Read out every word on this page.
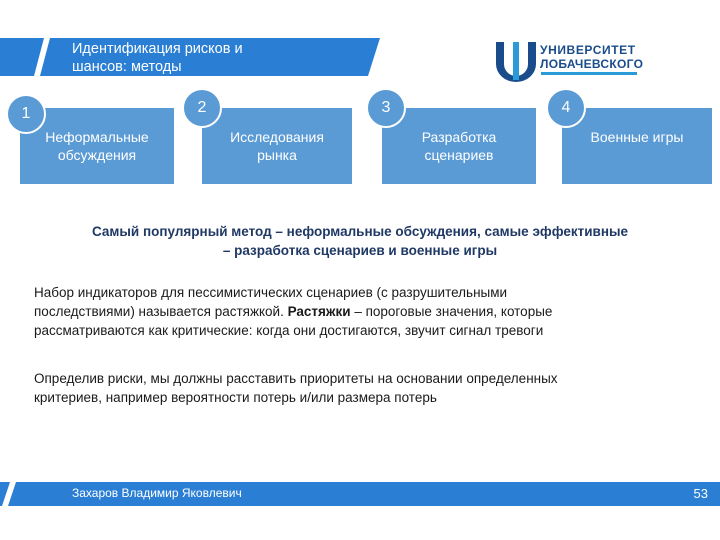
Идентификация рисков и
шансов: методы
УНИВЕРСИТЕТ
ЛОБАЧЕВСКОГО
Неформальные
обсуждения
Исследования
рынка
Разработка
сценариев
Военные игры
1	2	3	4
Самый популярный метод – неформальные обсуждения, самые эффективные
– разработка сценариев и военные игры
Набор индикаторов для пессимистических сценариев (с разрушительными
последствиями) называется растяжкой. Растяжки – пороговые значения, которые
рассматриваются как критические: когда они достигаются, звучит сигнал тревоги
Определив риски, мы должны расставить приоритеты на основании определенных
критериев, например вероятности потерь и/или размера потерь
Захаров Владимир Яковлевич	53
